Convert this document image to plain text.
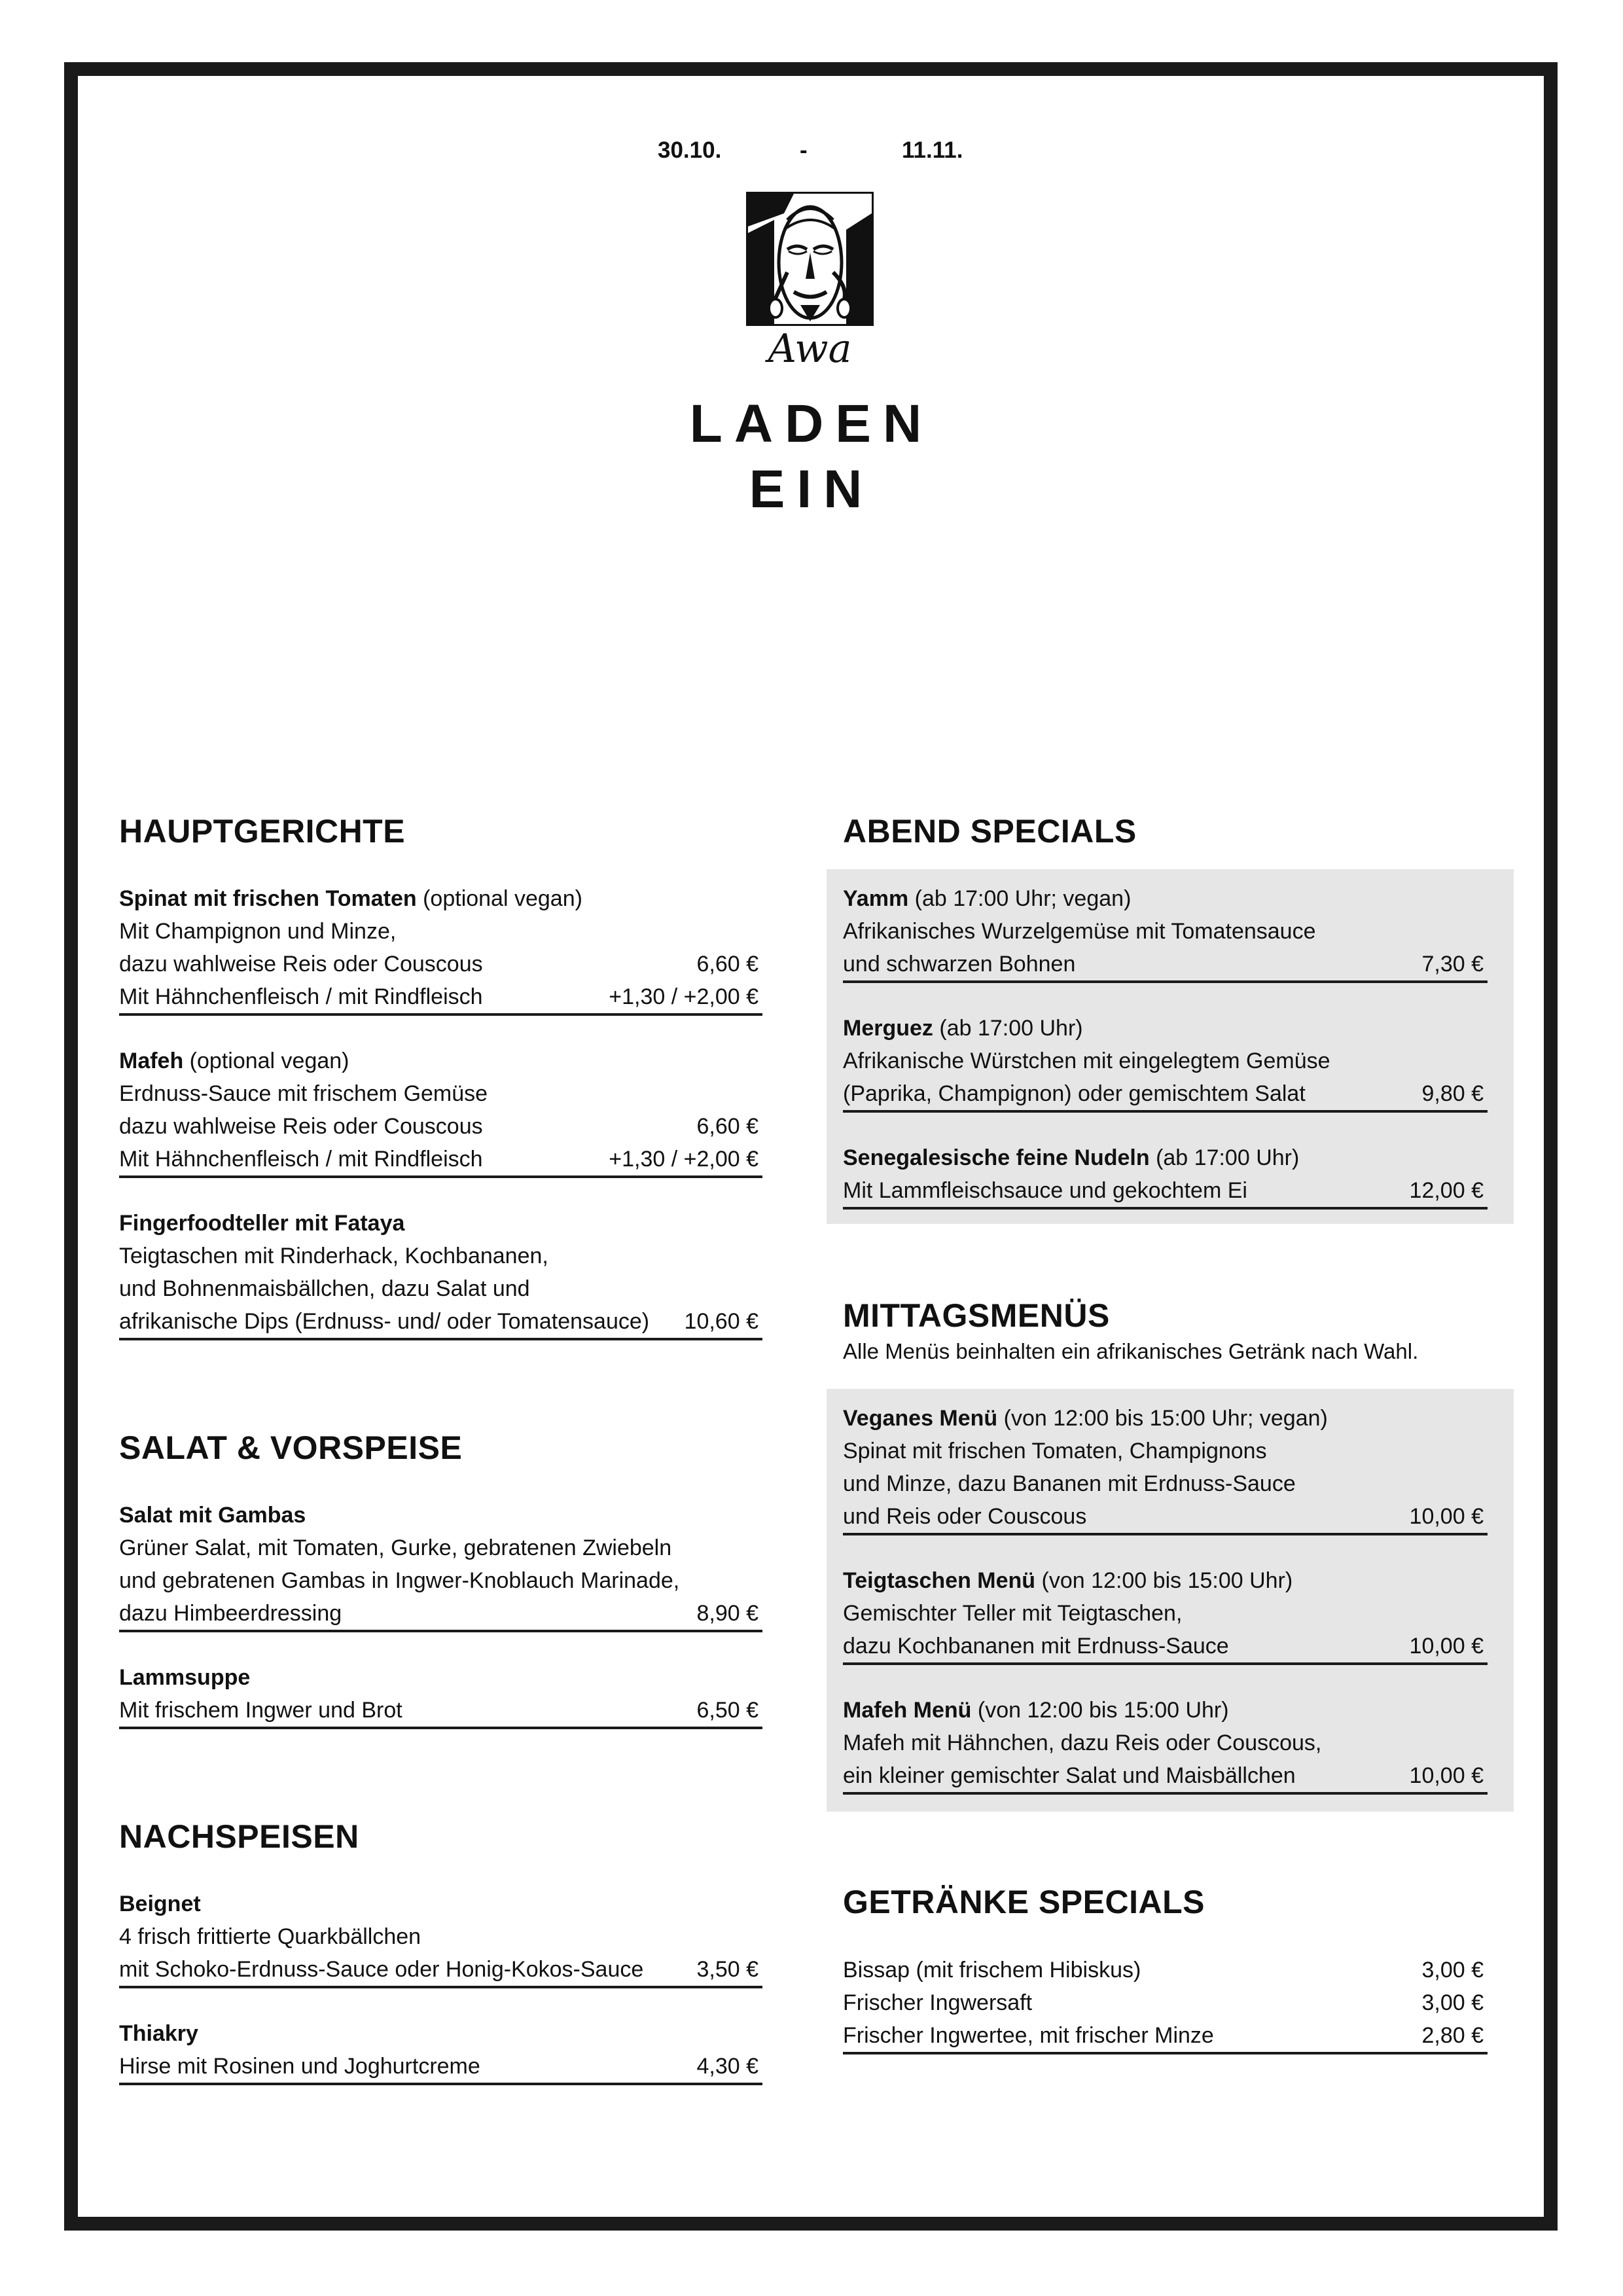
30.10.	-	11.11.
Awa
LADEN EIN
HAUPTGERICHTE
Spinat mit frischen Tomaten (optional vegan)
Mit Champignon und Minze,
dazu wahlweise Reis oder Couscous	6,60 €
Mit Hähnchenfleisch / mit Rindfleisch	+1,30 / +2,00 €
Mafeh (optional vegan)
Erdnuss-Sauce mit frischem Gemüse
dazu wahlweise Reis oder Couscous	6,60 €
Mit Hähnchenfleisch / mit Rindfleisch	+1,30 / +2,00 €
Fingerfoodteller mit Fataya
Teigtaschen mit Rinderhack, Kochbananen,
und Bohnenmaisbällchen, dazu Salat und
afrikanische Dips (Erdnuss- und/ oder Tomatensauce) 10,60 €
SALAT & VORSPEISE
Salat mit Gambas
Grüner Salat, mit Tomaten, Gurke, gebratenen Zwiebeln
und gebratenen Gambas in Ingwer-Knoblauch Marinade,
dazu Himbeerdressing	8,90 €
Lammsuppe
Mit frischem Ingwer und Brot	6,50 €
NACHSPEISEN
Beignet
4 frisch frittierte Quarkbällchen
mit Schoko-Erdnuss-Sauce oder Honig-Kokos-Sauce 3,50 €
Thiakry
Hirse mit Rosinen und Joghurtcreme	4,30 €
ABEND SPECIALS
Yamm (ab 17:00 Uhr; vegan)
Afrikanisches Wurzelgemüse mit Tomatensauce
und schwarzen Bohnen	7,30 €
Merguez (ab 17:00 Uhr)
Afrikanische Würstchen mit eingelegtem Gemüse
(Paprika, Champignon) oder gemischtem Salat	9,80 €
Senegalesische feine Nudeln (ab 17:00 Uhr)
Mit Lammfleischsauce und gekochtem Ei	12,00 €
MITTAGSMENÜS
Alle Menüs beinhalten ein afrikanisches Getränk nach Wahl.
Veganes Menü (von 12:00 bis 15:00 Uhr; vegan)
Spinat mit frischen Tomaten, Champignons
und Minze, dazu Bananen mit Erdnuss-Sauce
und Reis oder Couscous	10,00 €
Teigtaschen Menü (von 12:00 bis 15:00 Uhr)
Gemischter Teller mit Teigtaschen,
dazu Kochbananen mit Erdnuss-Sauce	10,00 €
Mafeh Menü (von 12:00 bis 15:00 Uhr)
Mafeh mit Hähnchen, dazu Reis oder Couscous,
ein kleiner gemischter Salat und Maisbällchen	10,00 €
GETRÄNKE SPECIALS
Bissap (mit frischem Hibiskus)	3,00 €
Frischer Ingwersaft	3,00 €
Frischer Ingwertee, mit frischer Minze	2,80 €
